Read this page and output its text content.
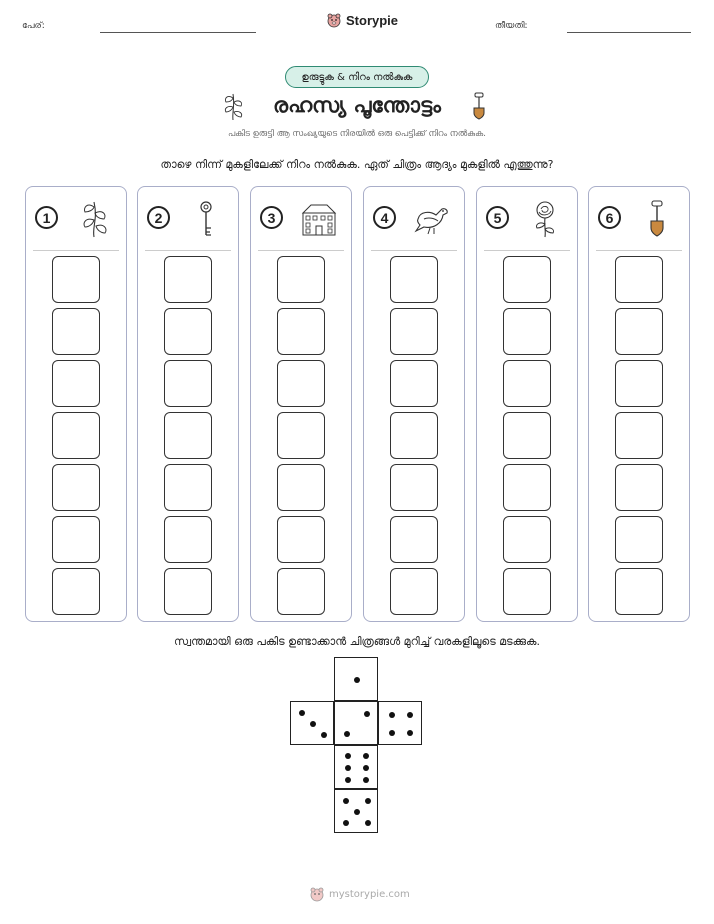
പേര്:	Storypie	തീയതി:
ഉരുട്ടുക & നിറം നൽകുക
രഹസ്യ പൂന്തോട്ടം
പകിട ഉരുട്ടി ആ സംഖ്യയുടെ നിരയിൽ ഒരു പെട്ടിക്ക് നിറം നൽകുക.
താഴെ നിന്ന് മുകളിലേക്ക് നിറം നൽകുക. ഏത് ചിത്രം ആദ്യം മുകളിൽ എത്തുന്നു?
1	2	3	4	5	6
സ്വന്തമായി ഒരു പകിട ഉണ്ടാക്കാൻ ചിത്രങ്ങൾ മുറിച്ച് വരകളിലൂടെ മടക്കുക.
mystorypie.com
